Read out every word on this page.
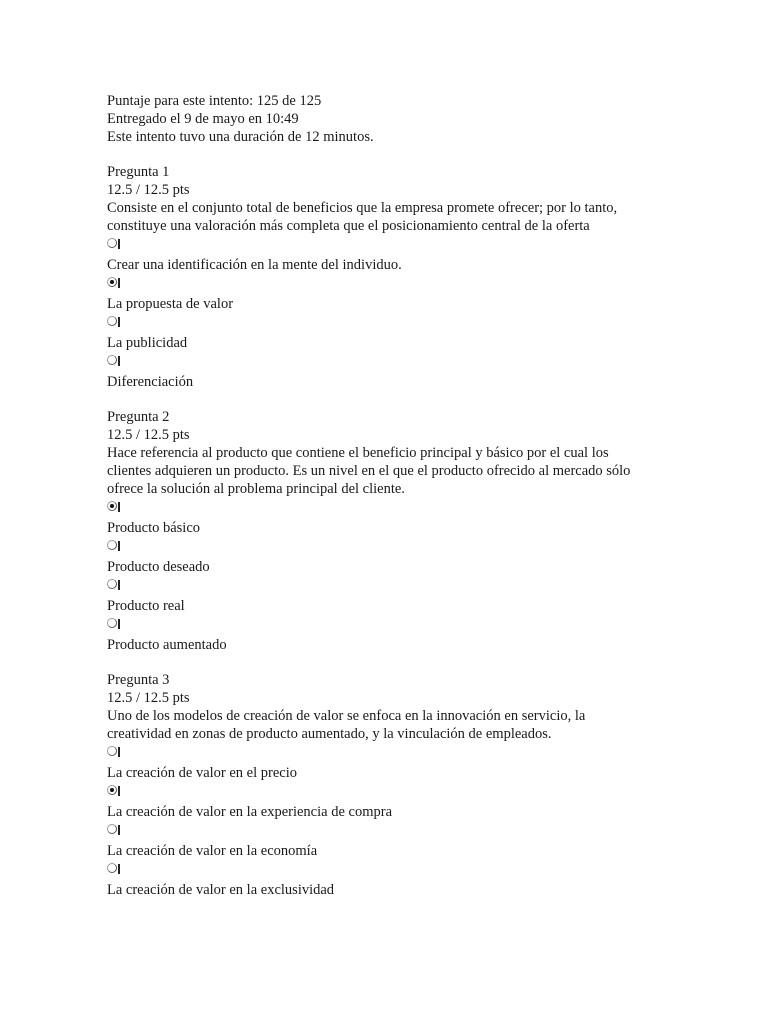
Puntaje para este intento: 125 de 125
Entregado el 9 de mayo en 10:49
Este intento tuvo una duración de 12 minutos.
Pregunta 1
12.5 / 12.5 pts
Consiste en el conjunto total de beneficios que la empresa promete ofrecer; por lo tanto,
constituye una valoración más completa que el posicionamiento central de la oferta
Crear una identificación en la mente del individuo.
La propuesta de valor
La publicidad
Diferenciación
Pregunta 2
12.5 / 12.5 pts
Hace referencia al producto que contiene el beneficio principal y básico por el cual los
clientes adquieren un producto. Es un nivel en el que el producto ofrecido al mercado sólo
ofrece la solución al problema principal del cliente.
Producto básico
Producto deseado
Producto real
Producto aumentado
Pregunta 3
12.5 / 12.5 pts
Uno de los modelos de creación de valor se enfoca en la innovación en servicio, la
creatividad en zonas de producto aumentado, y la vinculación de empleados.
La creación de valor en el precio
La creación de valor en la experiencia de compra
La creación de valor en la economía
La creación de valor en la exclusividad
